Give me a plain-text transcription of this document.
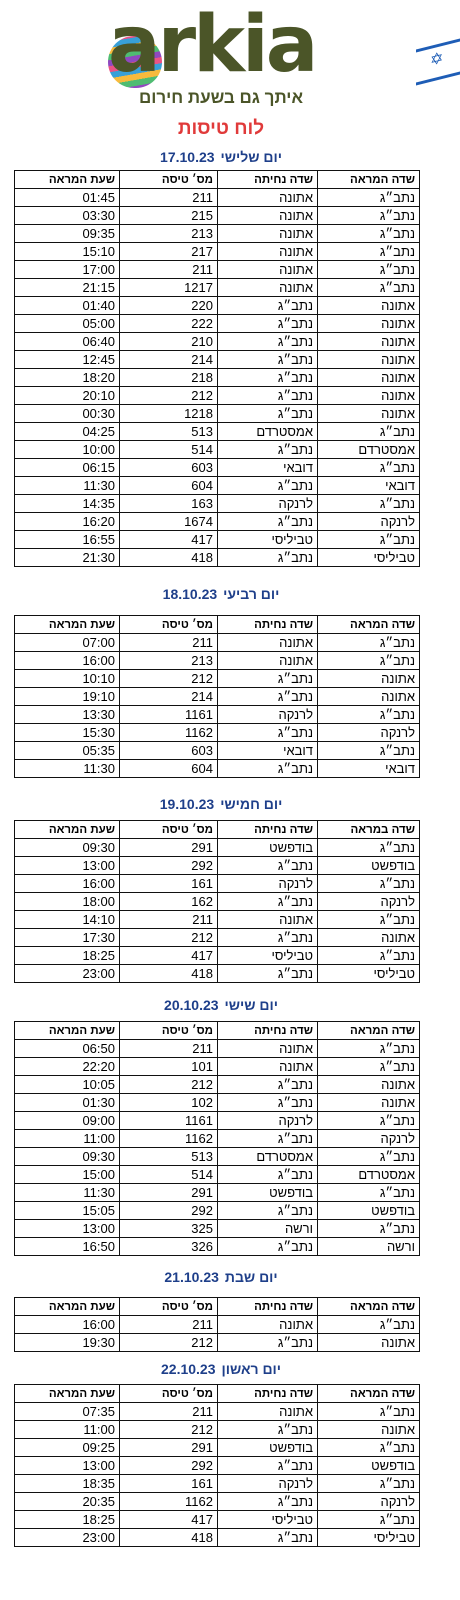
arkia	✡
איתך גם בשעת חירום
לוח טיסות
יום שלישי17.10.23
שדה המראה	שדה נחיתה	מס׳ טיסה	שעת המראה
נתב״ג	אתונה	211	01:45
נתב״ג	אתונה	215	03:30
נתב״ג	אתונה	213	09:35
נתב״ג	אתונה	217	15:10
נתב״ג	אתונה	211	17:00
נתב״ג	אתונה	1217	21:15
אתונה	נתב״ג	220	01:40
אתונה	נתב״ג	222	05:00
אתונה	נתב״ג	210	06:40
אתונה	נתב״ג	214	12:45
אתונה	נתב״ג	218	18:20
אתונה	נתב״ג	212	20:10
אתונה	נתב״ג	1218	00:30
נתב״ג	אמסטרדם	513	04:25
אמסטרדם	נתב״ג	514	10:00
נתב״ג	דובאי	603	06:15
דובאי	נתב״ג	604	11:30
נתב״ג	לרנקה	163	14:35
לרנקה	נתב״ג	1674	16:20
נתב״ג	טביליסי	417	16:55
טביליסי	נתב״ג	418	21:30
יום רביעי18.10.23
שדה המראה	שדה נחיתה	מס׳ טיסה	שעת המראה
נתב״ג	אתונה	211	07:00
נתב״ג	אתונה	213	16:00
אתונה	נתב״ג	212	10:10
אתונה	נתב״ג	214	19:10
נתב״ג	לרנקה	1161	13:30
לרנקה	נתב״ג	1162	15:30
נתב״ג	דובאי	603	05:35
דובאי	נתב״ג	604	11:30
יום חמישי19.10.23
שדה במראה	שדה נחיתה	מס׳ טיסה	שעת המראה
נתב״ג	בודפשט	291	09:30
בודפשט	נתב״ג	292	13:00
נתב״ג	לרנקה	161	16:00
לרנקה	נתב״ג	162	18:00
נתב״ג	אתונה	211	14:10
אתונה	נתב״ג	212	17:30
נתב״ג	טביליסי	417	18:25
טביליסי	נתב״ג	418	23:00
יום שישי20.10.23
שדה המראה	שדה נחיתה	מס׳ טיסה	שעת המראה
נתב״ג	אתונה	211	06:50
נתב״ג	אתונה	101	22:20
אתונה	נתב״ג	212	10:05
אתונה	נתב״ג	102	01:30
נתב״ג	לרנקה	1161	09:00
לרנקה	נתב״ג	1162	11:00
נתב״ג	אמסטרדם	513	09:30
אמסטרדם	נתב״ג	514	15:00
נתב״ג	בודפשט	291	11:30
בודפשט	נתב״ג	292	15:05
נתב״ג	ורשה	325	13:00
ורשה	נתב״ג	326	16:50
יום שבת21.10.23
שדה המראה	שדה נחיתה	מס׳ טיסה	שעת המראה
נתב״ג	אתונה	211	16:00
אתונה	נתב״ג	212	19:30
יום ראשון22.10.23
שדה המראה	שדה נחיתה	מס׳ טיסה	שעת המראה
נתב״ג	אתונה	211	07:35
אתונה	נתב״ג	212	11:00
נתב״ג	בודפשט	291	09:25
בודפשט	נתב״ג	292	13:00
נתב״ג	לרנקה	161	18:35
לרנקה	נתב״ג	1162	20:35
נתב״ג	טביליסי	417	18:25
טביליסי	נתב״ג	418	23:00
